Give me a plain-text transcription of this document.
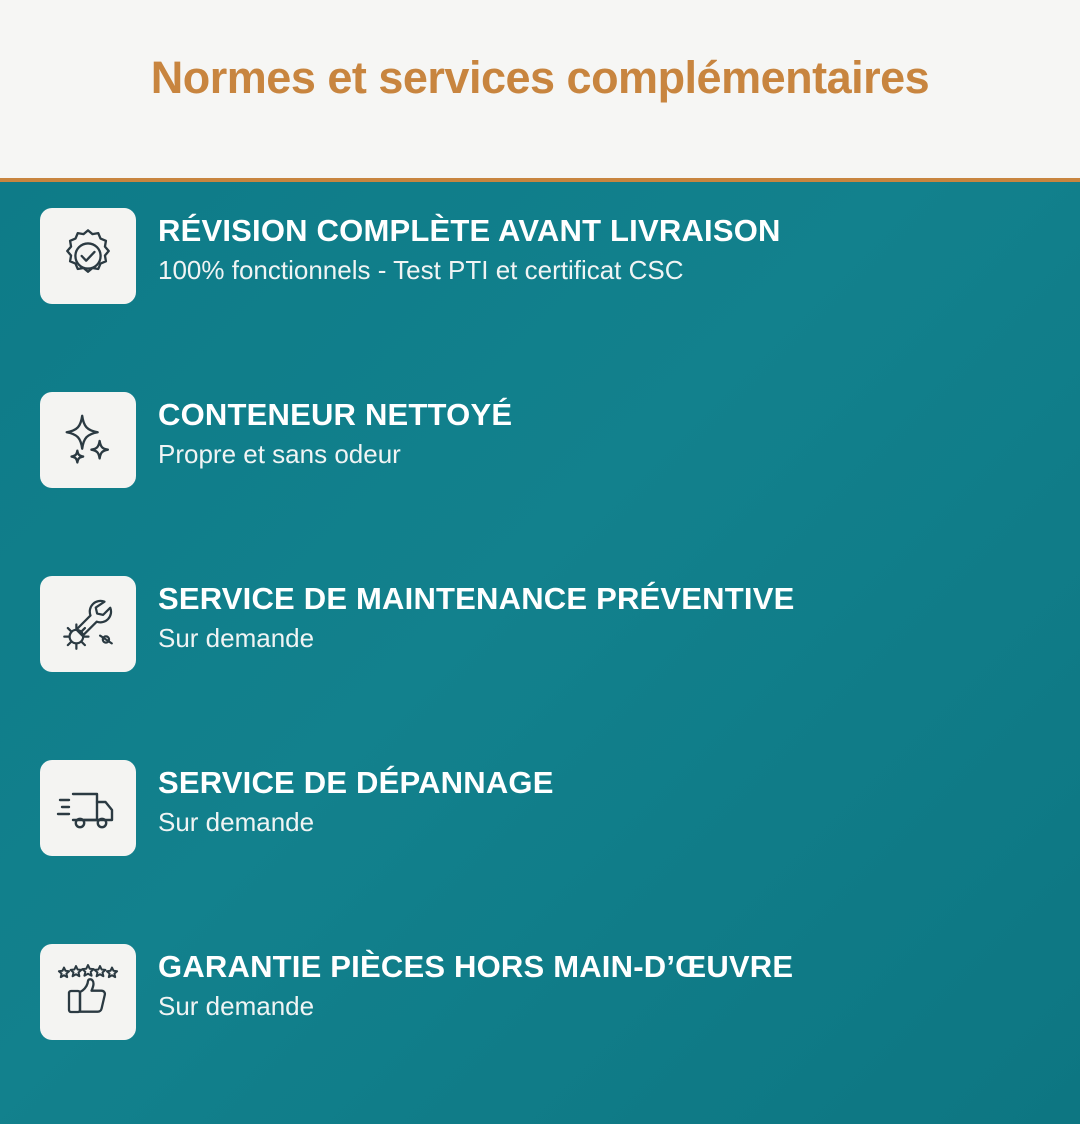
Normes et services complémentaires
RÉVISION COMPLÈTE AVANT LIVRAISON
100% fonctionnels - Test PTI et certificat CSC
CONTENEUR NETTOYÉ
Propre et sans odeur
SERVICE DE MAINTENANCE PRÉVENTIVE
Sur demande
SERVICE DE DÉPANNAGE
Sur demande
GARANTIE PIÈCES HORS MAIN-D’ŒUVRE
Sur demande
